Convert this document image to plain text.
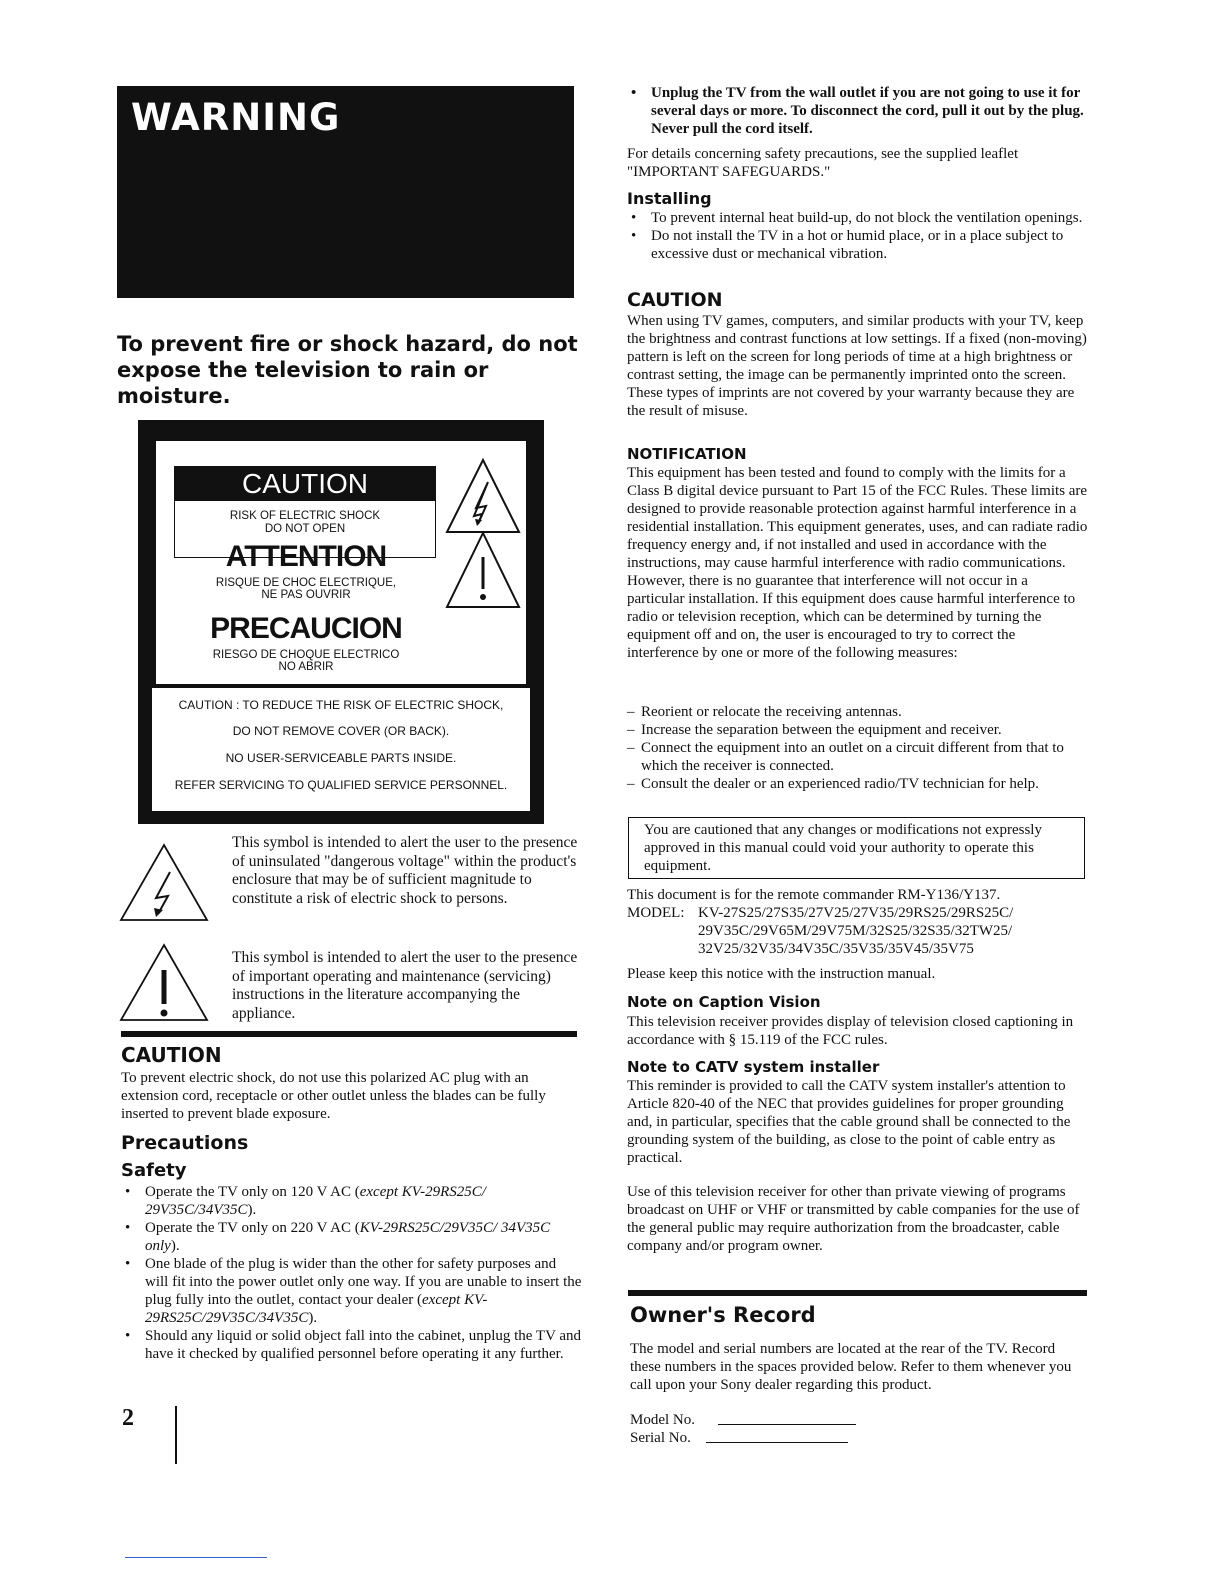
WARNING
To prevent fire or shock hazard, do not expose the television to rain or moisture.
CAUTION
RISK OF ELECTRIC SHOCK
DO NOT OPEN
ATTENTION
RISQUE DE CHOC ELECTRIQUE,
NE PAS OUVRIR
PRECAUCION
RIESGO DE CHOQUE ELECTRICO
NO ABRIR
CAUTION : TO REDUCE THE RISK OF ELECTRIC SHOCK,
DO NOT REMOVE COVER (OR BACK).
NO USER-SERVICEABLE PARTS INSIDE.
REFER SERVICING TO QUALIFIED SERVICE PERSONNEL.
This symbol is intended to alert the user to the presence of uninsulated "dangerous voltage" within the product's enclosure that may be of sufficient magnitude to constitute a risk of electric shock to persons.
This symbol is intended to alert the user to the presence of important operating and maintenance (servicing) instructions in the literature accompanying the appliance.
CAUTION
To prevent electric shock, do not use this polarized AC plug with an extension cord, receptacle or other outlet unless the blades can be fully inserted to prevent blade exposure.
Precautions
Safety
• Operate the TV only on 120 V AC (except KV-29RS25C/ 29V35C/34V35C).
• Operate the TV only on 220 V AC (KV-29RS25C/29V35C/ 34V35C only).
• One blade of the plug is wider than the other for safety purposes and will fit into the power outlet only one way. If you are unable to insert the plug fully into the outlet, contact your dealer (except KV-29RS25C/29V35C/34V35C).
• Should any liquid or solid object fall into the cabinet, unplug the TV and have it checked by qualified personnel before operating it any further.
2
• Unplug the TV from the wall outlet if you are not going to use it for several days or more. To disconnect the cord, pull it out by the plug. Never pull the cord itself.
For details concerning safety precautions, see the supplied leaflet "IMPORTANT SAFEGUARDS."
Installing
• To prevent internal heat build-up, do not block the ventilation openings.
• Do not install the TV in a hot or humid place, or in a place subject to excessive dust or mechanical vibration.
CAUTION
When using TV games, computers, and similar products with your TV, keep the brightness and contrast functions at low settings. If a fixed (non-moving) pattern is left on the screen for long periods of time at a high brightness or contrast setting, the image can be permanently imprinted onto the screen. These types of imprints are not covered by your warranty because they are the result of misuse.
NOTIFICATION
This equipment has been tested and found to comply with the limits for a Class B digital device pursuant to Part 15 of the FCC Rules. These limits are designed to provide reasonable protection against harmful interference in a residential installation. This equipment generates, uses, and can radiate radio frequency energy and, if not installed and used in accordance with the instructions, may cause harmful interference with radio communications. However, there is no guarantee that interference will not occur in a particular installation. If this equipment does cause harmful interference to radio or television reception, which can be determined by turning the equipment off and on, the user is encouraged to try to correct the interference by one or more of the following measures:
– Reorient or relocate the receiving antennas.
– Increase the separation between the equipment and receiver.
– Connect the equipment into an outlet on a circuit different from that to which the receiver is connected.
– Consult the dealer or an experienced radio/TV technician for help.
You are cautioned that any changes or modifications not expressly approved in this manual could void your authority to operate this equipment.
This document is for the remote commander RM-Y136/Y137.
MODEL: KV-27S25/27S35/27V25/27V35/29RS25/29RS25C/
29V35C/29V65M/29V75M/32S25/32S35/32TW25/
32V25/32V35/34V35C/35V35/35V45/35V75
Please keep this notice with the instruction manual.
Note on Caption Vision
This television receiver provides display of television closed captioning in accordance with § 15.119 of the FCC rules.
Note to CATV system installer
This reminder is provided to call the CATV system installer's attention to Article 820-40 of the NEC that provides guidelines for proper grounding and, in particular, specifies that the cable ground shall be connected to the grounding system of the building, as close to the point of cable entry as practical.
Use of this television receiver for other than private viewing of programs broadcast on UHF or VHF or transmitted by cable companies for the use of the general public may require authorization from the broadcaster, cable company and/or program owner.
Owner's Record
The model and serial numbers are located at the rear of the TV. Record these numbers in the spaces provided below. Refer to them whenever you call upon your Sony dealer regarding this product.
Model No.
Serial No.
